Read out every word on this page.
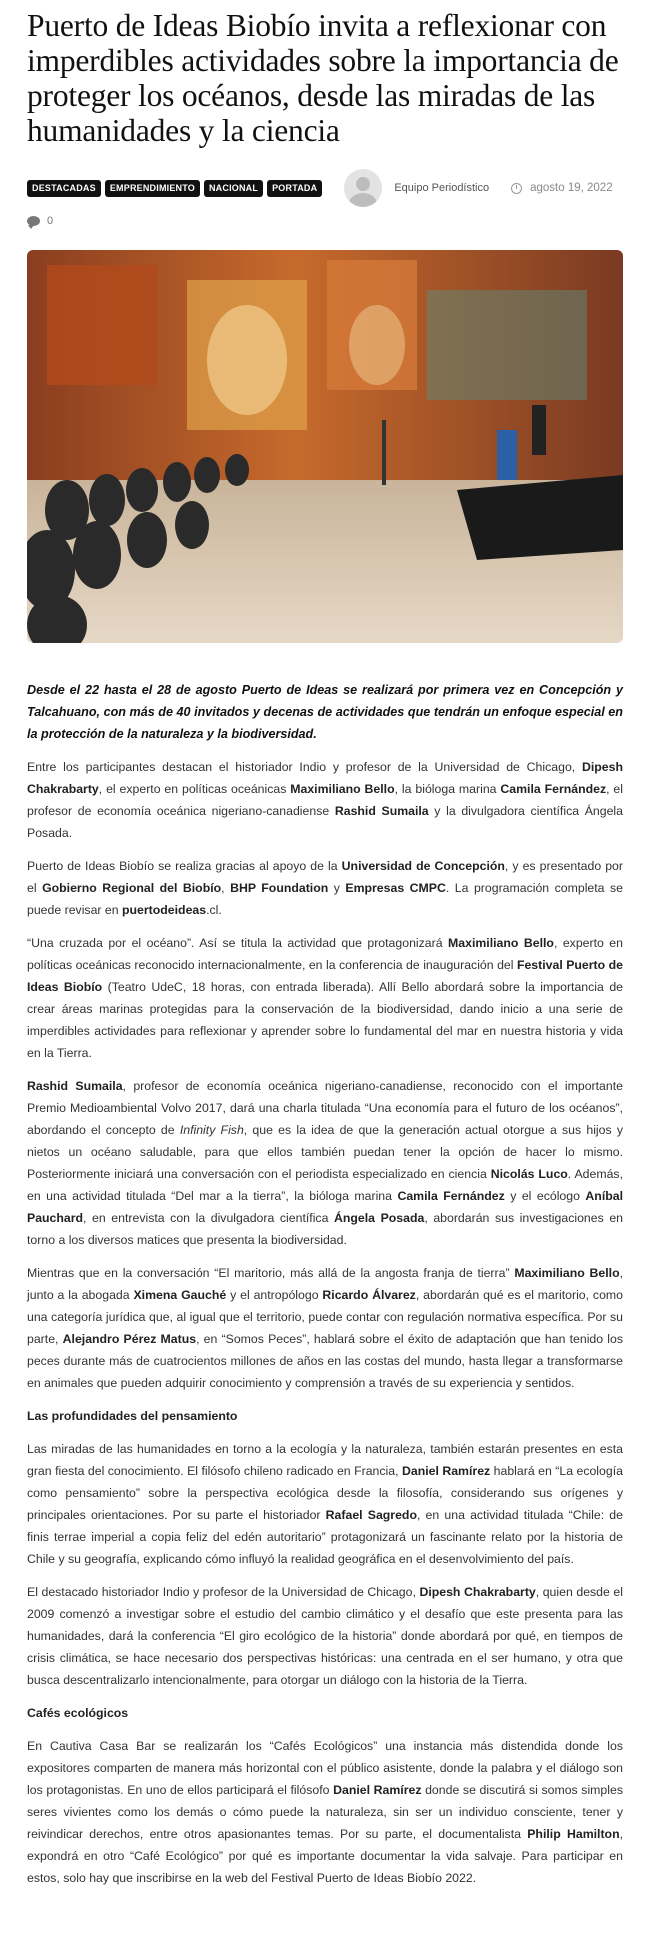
Puerto de Ideas Biobío invita a reflexionar con imperdibles actividades sobre la importancia de proteger los océanos, desde las miradas de las humanidades y la ciencia
DESTACADAS	EMPRENDIMIENTO	NACIONAL	PORTADA	Equipo Periodístico	agosto 19, 2022
0

Desde el 22 hasta el 28 de agosto Puerto de Ideas se realizará por primera vez en Concepción y Talcahuano, con más de 40 invitados y decenas de actividades que tendrán un enfoque especial en la protección de la naturaleza y la biodiversidad.

Entre los participantes destacan el historiador Indio y profesor de la Universidad de Chicago, Dipesh Chakrabarty, el experto en políticas oceánicas Maximiliano Bello, la bióloga marina Camila Fernández, el profesor de economía oceánica nigeriano-canadiense Rashid Sumaila y la divulgadora científica Ángela Posada.

Puerto de Ideas Biobío se realiza gracias al apoyo de la Universidad de Concepción, y es presentado por el Gobierno Regional del Biobío, BHP Foundation y Empresas CMPC. La programación completa se puede revisar en puertodeideas.cl.

“Una cruzada por el océano”. Así se titula la actividad que protagonizará Maximiliano Bello, experto en políticas oceánicas reconocido internacionalmente, en la conferencia de inauguración del Festival Puerto de Ideas Biobío (Teatro UdeC, 18 horas, con entrada liberada). Allí Bello abordará sobre la importancia de crear áreas marinas protegidas para la conservación de la biodiversidad, dando inicio a una serie de imperdibles actividades para reflexionar y aprender sobre lo fundamental del mar en nuestra historia y vida en la Tierra.

Rashid Sumaila, profesor de economía oceánica nigeriano-canadiense, reconocido con el importante Premio Medioambiental Volvo 2017, dará una charla titulada “Una economía para el futuro de los océanos”, abordando el concepto de Infinity Fish, que es la idea de que la generación actual otorgue a sus hijos y nietos un océano saludable, para que ellos también puedan tener la opción de hacer lo mismo. Posteriormente iniciará una conversación con el periodista especializado en ciencia Nicolás Luco. Además, en una actividad titulada “Del mar a la tierra”, la bióloga marina Camila Fernández y el ecólogo Aníbal Pauchard, en entrevista con la divulgadora científica Ángela Posada, abordarán sus investigaciones en torno a los diversos matices que presenta la biodiversidad.

Mientras que en la conversación “El maritorio, más allá de la angosta franja de tierra” Maximiliano Bello, junto a la abogada Ximena Gauché y el antropólogo Ricardo Álvarez, abordarán qué es el maritorio, como una categoría jurídica que, al igual que el territorio, puede contar con regulación normativa específica. Por su parte, Alejandro Pérez Matus, en “Somos Peces”, hablará sobre el éxito de adaptación que han tenido los peces durante más de cuatrocientos millones de años en las costas del mundo, hasta llegar a transformarse en animales que pueden adquirir conocimiento y comprensión a través de su experiencia y sentidos.

Las profundidades del pensamiento

Las miradas de las humanidades en torno a la ecología y la naturaleza, también estarán presentes en esta gran fiesta del conocimiento. El filósofo chileno radicado en Francia, Daniel Ramírez hablará en “La ecología como pensamiento” sobre la perspectiva ecológica desde la filosofía, considerando sus orígenes y principales orientaciones. Por su parte el historiador Rafael Sagredo, en una actividad titulada “Chile: de finis terrae imperial a copia feliz del edén autoritario” protagonizará un fascinante relato por la historia de Chile y su geografía, explicando cómo influyó la realidad geográfica en el desenvolvimiento del país.

El destacado historiador Indio y profesor de la Universidad de Chicago, Dipesh Chakrabarty, quien desde el 2009 comenzó a investigar sobre el estudio del cambio climático y el desafío que este presenta para las humanidades, dará la conferencia “El giro ecológico de la historia” donde abordará por qué, en tiempos de crisis climática, se hace necesario dos perspectivas históricas: una centrada en el ser humano, y otra que busca descentralizarlo intencionalmente, para otorgar un diálogo con la historia de la Tierra.

Cafés ecológicos

En Cautiva Casa Bar se realizarán los “Cafés Ecológicos” una instancia más distendida donde los expositores comparten de manera más horizontal con el público asistente, donde la palabra y el diálogo son los protagonistas. En uno de ellos participará el filósofo Daniel Ramírez donde se discutirá si somos simples seres vivientes como los demás o cómo puede la naturaleza, sin ser un individuo consciente, tener y reivindicar derechos, entre otros apasionantes temas. Por su parte, el documentalista Philip Hamilton, expondrá en otro “Café Ecológico” por qué es importante documentar la vida salvaje. Para participar en estos, solo hay que inscribirse en la web del Festival Puerto de Ideas Biobío 2022.
